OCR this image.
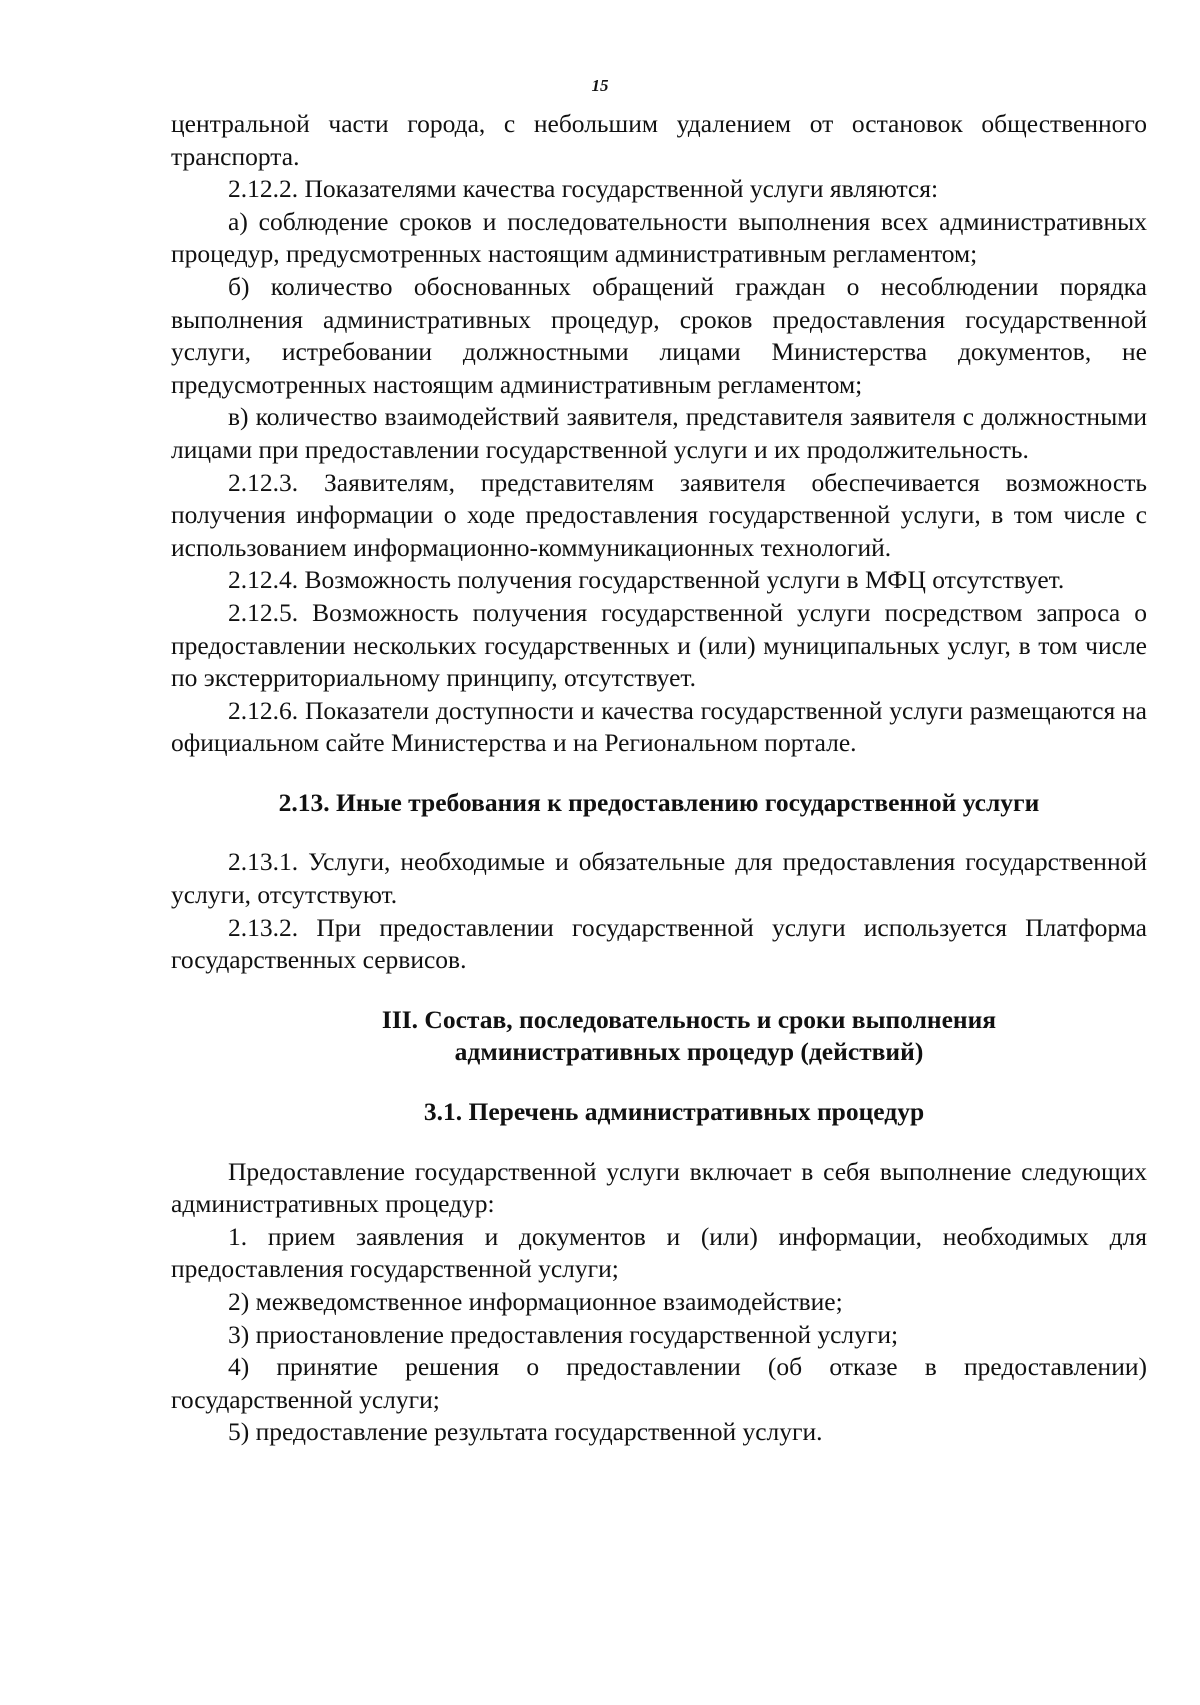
15

центральной части города, с небольшим удалением от остановок общественного транспорта.

2.12.2. Показателями качества государственной услуги являются:

а) соблюдение сроков и последовательности выполнения всех административных процедур, предусмотренных настоящим административным регламентом;

б) количество обоснованных обращений граждан о несоблюдении порядка выполнения административных процедур, сроков предоставления государственной услуги, истребовании должностными лицами Министерства документов, не предусмотренных настоящим административным регламентом;

в) количество взаимодействий заявителя, представителя заявителя с должностными лицами при предоставлении государственной услуги и их продолжительность.

2.12.3. Заявителям, представителям заявителя обеспечивается возможность получения информации о ходе предоставления государственной услуги, в том числе с использованием информационно-коммуникационных технологий.

2.12.4. Возможность получения государственной услуги в МФЦ отсутствует.

2.12.5. Возможность получения государственной услуги посредством запроса о предоставлении нескольких государственных и (или) муниципальных услуг, в том числе по экстерриториальному принципу, отсутствует.

2.12.6. Показатели доступности и качества государственной услуги размещаются на официальном сайте Министерства и на Региональном портале.

2.13. Иные требования к предоставлению государственной услуги

2.13.1. Услуги, необходимые и обязательные для предоставления государственной услуги, отсутствуют.

2.13.2. При предоставлении государственной услуги используется Платформа государственных сервисов.

III. Состав, последовательность и сроки выполнения
административных процедур (действий)
3.1. Перечень административных процедур

Предоставление государственной услуги включает в себя выполнение следующих административных процедур:

1. прием заявления и документов и (или) информации, необходимых для предоставления государственной услуги;

2) межведомственное информационное взаимодействие;

3) приостановление предоставления государственной услуги;

4) принятие решения о предоставлении (об отказе в предоставлении) государственной услуги;

5) предоставление результата государственной услуги.
